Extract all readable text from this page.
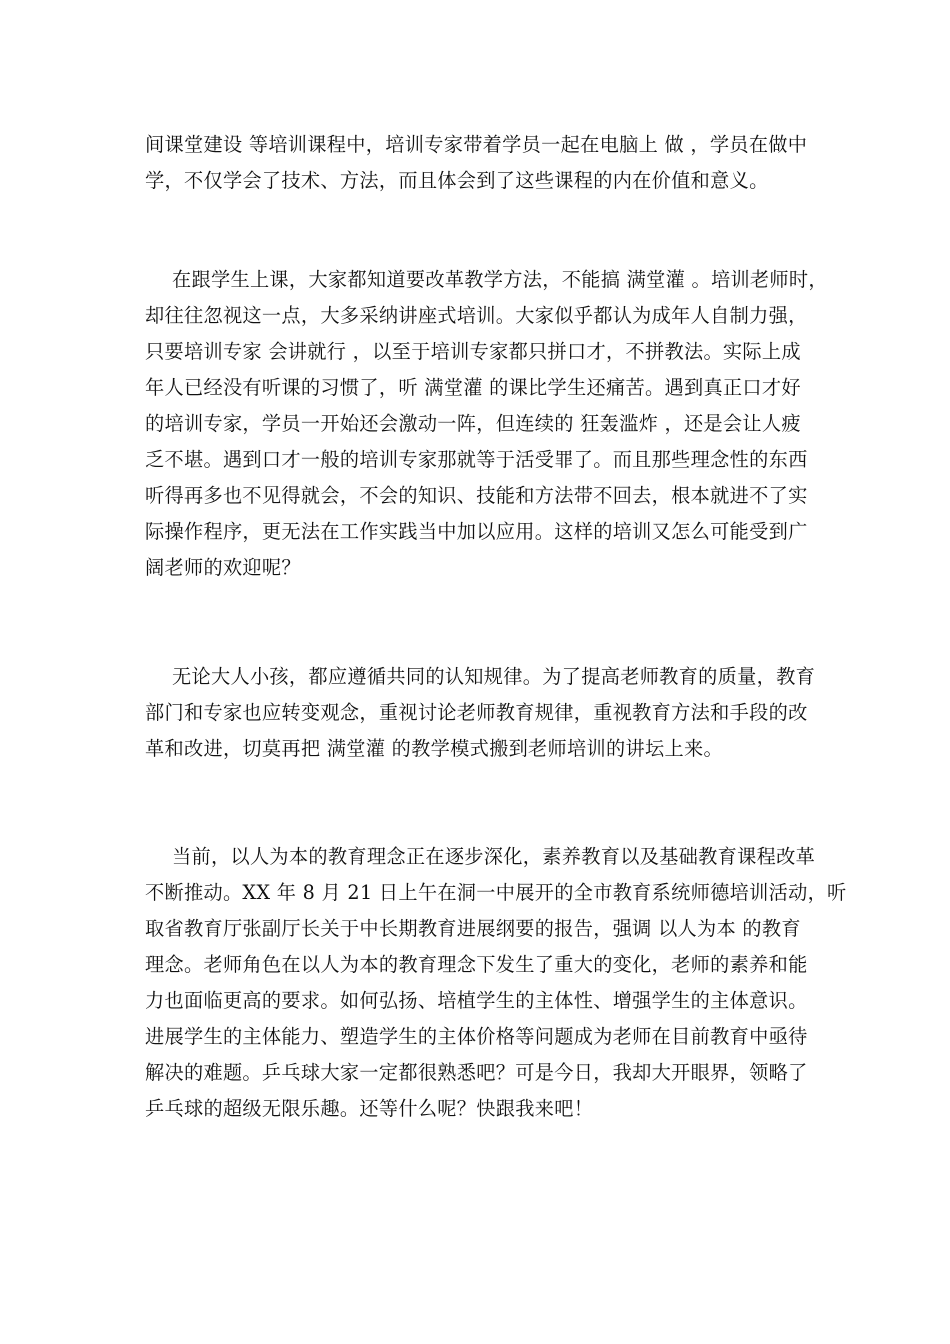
间课堂建设 等培训课程中，培训专家带着学员一起在电脑上 做 ，学员在做中
学，不仅学会了技术、方法，而且体会到了这些课程的内在价值和意义。
在跟学生上课，大家都知道要改革教学方法，不能搞 满堂灌 。培训老师时，
却往往忽视这一点，大多采纳讲座式培训。大家似乎都认为成年人自制力强，
只要培训专家 会讲就行 ，以至于培训专家都只拼口才，不拼教法。实际上成
年人已经没有听课的习惯了，听 满堂灌 的课比学生还痛苦。遇到真正口才好
的培训专家，学员一开始还会激动一阵，但连续的 狂轰滥炸 ，还是会让人疲
乏不堪。遇到口才一般的培训专家那就等于活受罪了。而且那些理念性的东西
听得再多也不见得就会，不会的知识、技能和方法带不回去，根本就进不了实
际操作程序，更无法在工作实践当中加以应用。这样的培训又怎么可能受到广
阔老师的欢迎呢？
无论大人小孩，都应遵循共同的认知规律。为了提高老师教育的质量，教育
部门和专家也应转变观念，重视讨论老师教育规律，重视教育方法和手段的改
革和改进，切莫再把 满堂灌 的教学模式搬到老师培训的讲坛上来。
当前，以人为本的教育理念正在逐步深化，素养教育以及基础教育课程改革
不断推动。XX 年 8 月 21 日上午在洞一中展开的全市教育系统师德培训活动，听
取省教育厅张副厅长关于中长期教育进展纲要的报告，强调 以人为本 的教育
理念。老师角色在以人为本的教育理念下发生了重大的变化，老师的素养和能
力也面临更高的要求。如何弘扬、培植学生的主体性、增强学生的主体意识。
进展学生的主体能力、塑造学生的主体价格等问题成为老师在目前教育中亟待
解决的难题。乒乓球大家一定都很熟悉吧？可是今日，我却大开眼界，领略了
乒乓球的超级无限乐趣。还等什么呢？快跟我来吧！
